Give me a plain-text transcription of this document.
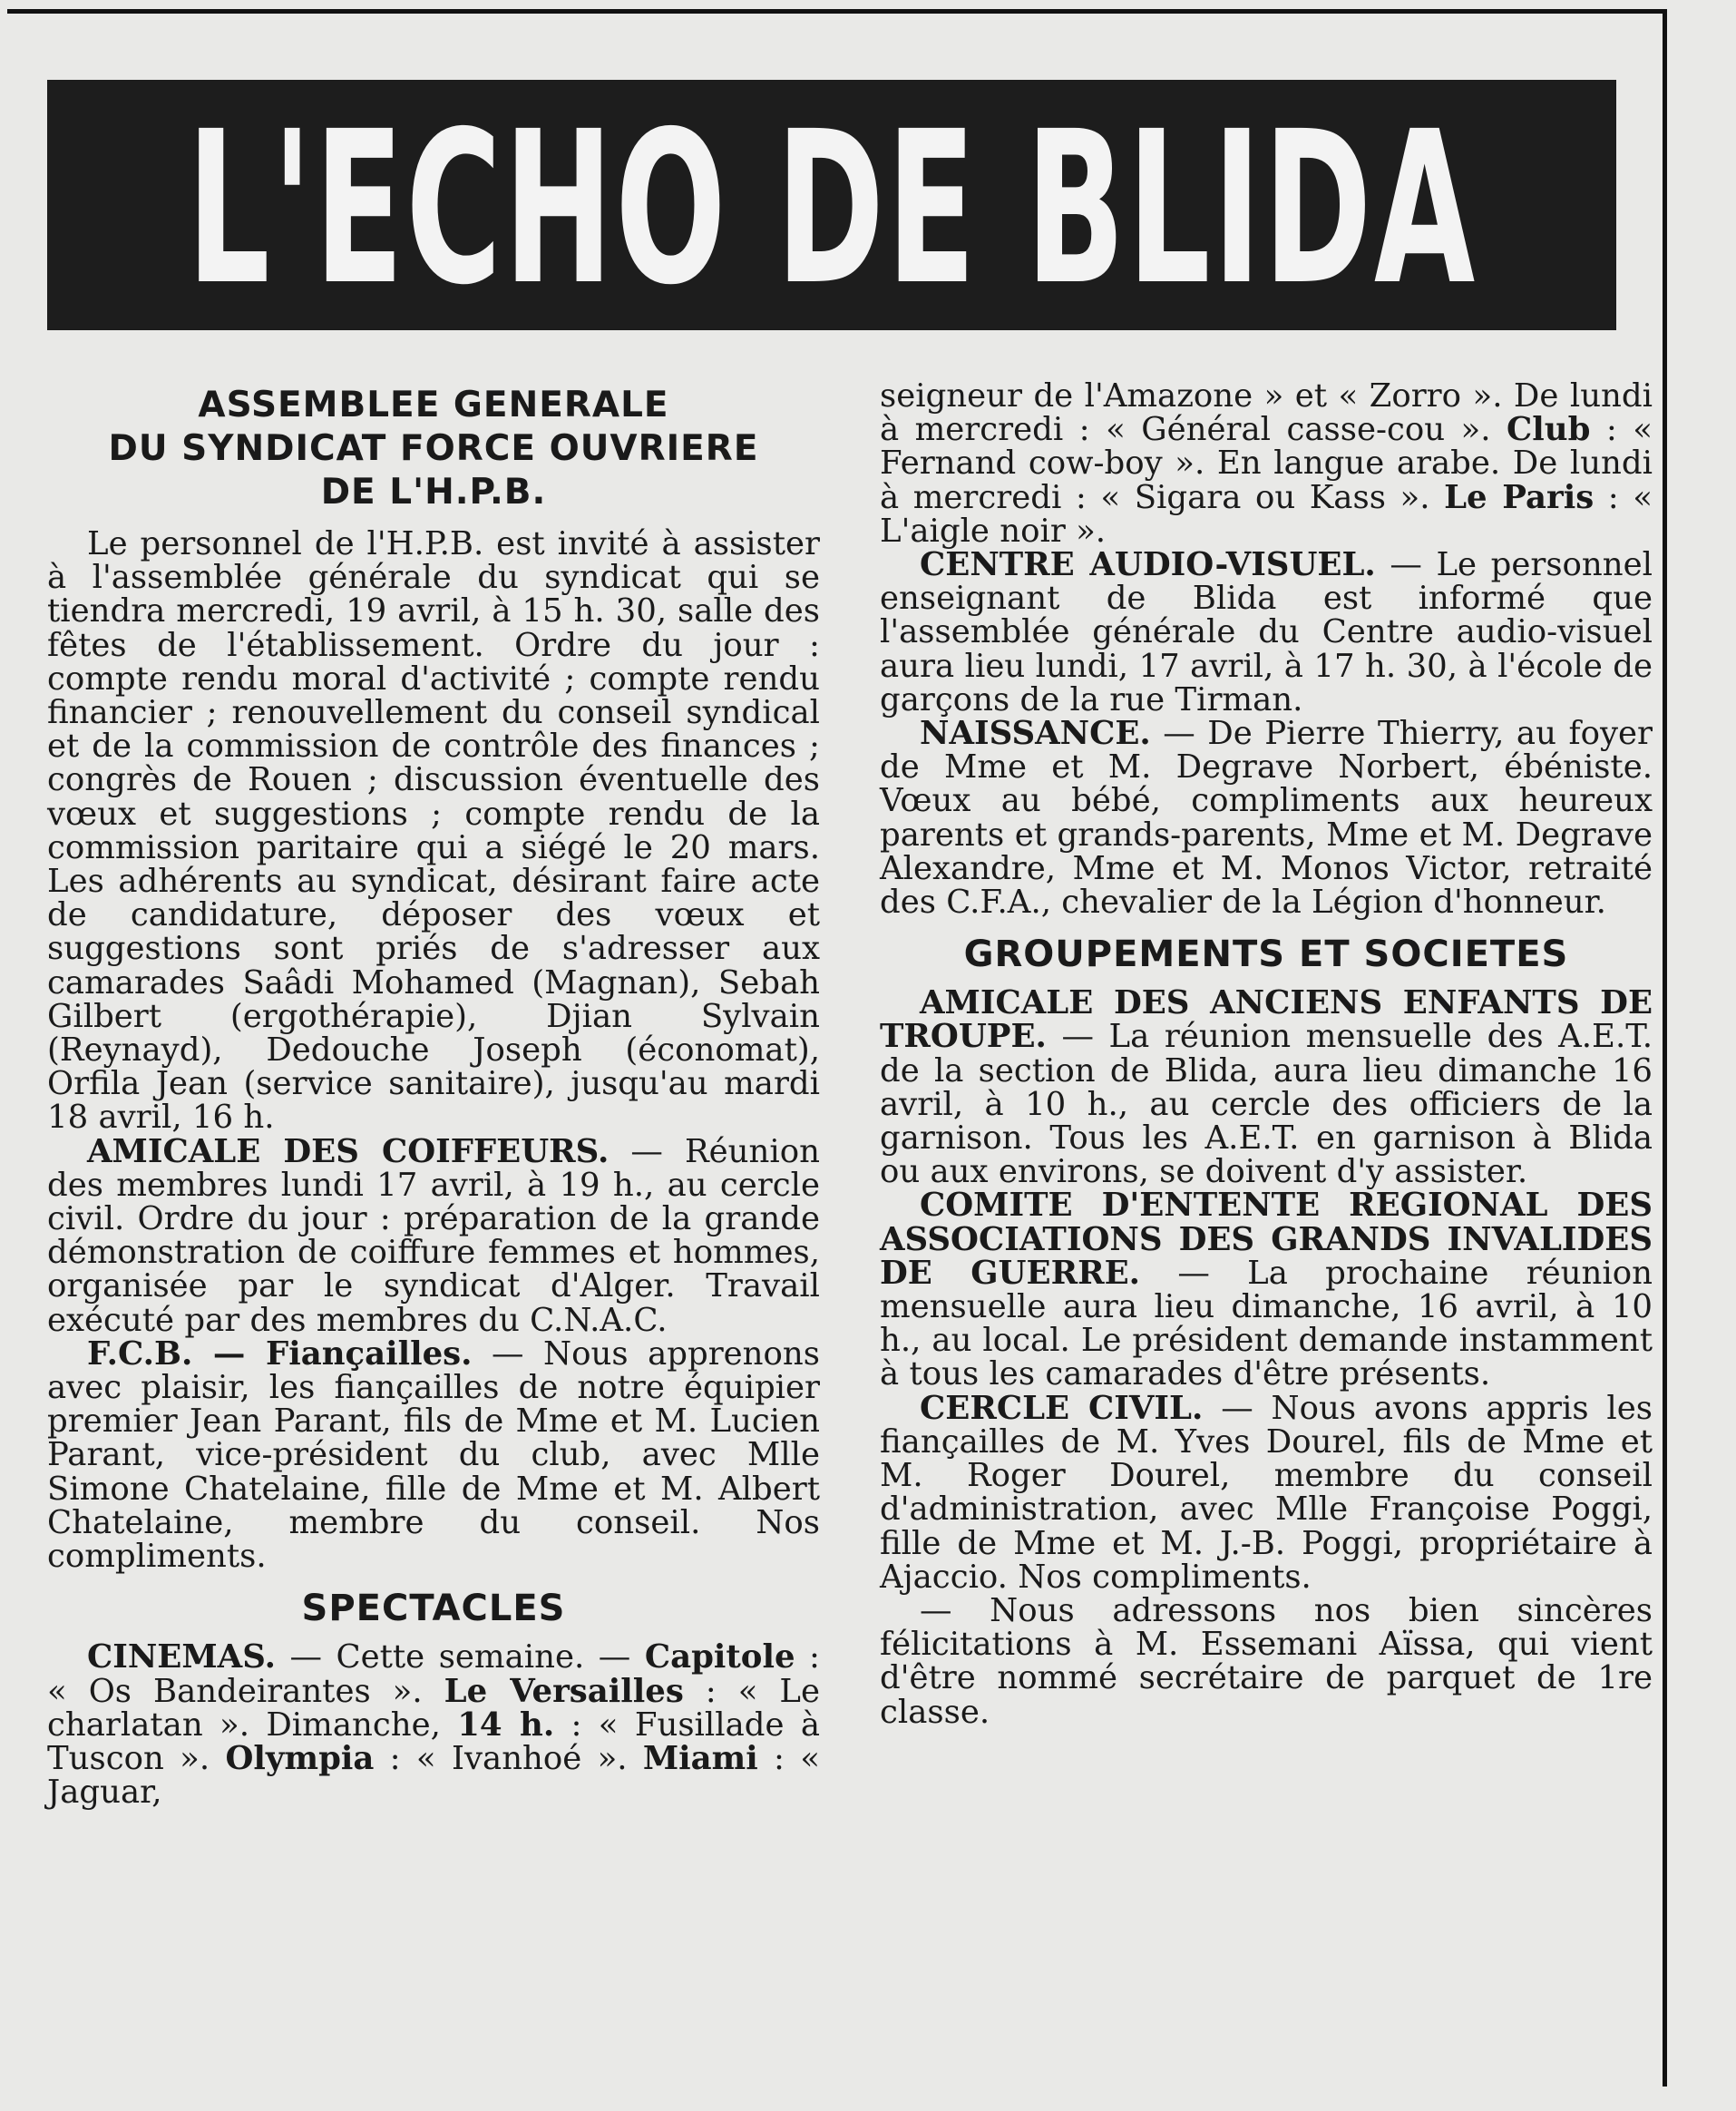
L'ECHO DE BLIDA
ASSEMBLEE GENERALE
DU SYNDICAT FORCE OUVRIERE
DE L'H.P.B.

Le personnel de l'H.P.B. est invité à assister à l'assemblée générale du syndicat qui se tiendra mercredi, 19 avril, à 15 h. 30, salle des fêtes de l'établissement. Ordre du jour : compte rendu moral d'activité ; compte rendu financier ; renouvellement du conseil syndical et de la commission de contrôle des finances ; congrès de Rouen ; discussion éventuelle des vœux et suggestions ; compte rendu de la commission paritaire qui a siégé le 20 mars. Les adhérents au syndicat, désirant faire acte de candidature, déposer des vœux et suggestions sont priés de s'adresser aux camarades Saâdi Mohamed (Magnan), Sebah Gilbert (ergothérapie), Djian Sylvain (Reynayd), Dedouche Joseph (économat), Orfila Jean (service sanitaire), jusqu'au mardi 18 avril, 16 h.

AMICALE DES COIFFEURS. — Réunion des membres lundi 17 avril, à 19 h., au cercle civil. Ordre du jour : préparation de la grande démonstration de coiffure femmes et hommes, organisée par le syndicat d'Alger. Travail exécuté par des membres du C.N.A.C.

F.C.B. — Fiançailles. — Nous apprenons avec plaisir, les fiançailles de notre équipier premier Jean Parant, fils de Mme et M. Lucien Parant, vice-président du club, avec Mlle Simone Chatelaine, fille de Mme et M. Albert Chatelaine, membre du conseil. Nos compliments.

SPECTACLES

CINEMAS. — Cette semaine. — Capitole : « Os Bandeirantes ». Le Versailles : « Le charlatan ». Dimanche, 14 h. : « Fusillade à Tuscon ». Olympia : « Ivanhoé ». Miami : « Jaguar,

seigneur de l'Amazone » et « Zorro ». De lundi à mercredi : « Général casse-cou ». Club : « Fernand cow-boy ». En langue arabe. De lundi à mercredi : « Sigara ou Kass ». Le Paris : « L'aigle noir ».

CENTRE AUDIO-VISUEL. — Le personnel enseignant de Blida est informé que l'assemblée générale du Centre audio-visuel aura lieu lundi, 17 avril, à 17 h. 30, à l'école de garçons de la rue Tirman.

NAISSANCE. — De Pierre Thierry, au foyer de Mme et M. Degrave Norbert, ébéniste. Vœux au bébé, compliments aux heureux parents et grands-parents, Mme et M. Degrave Alexandre, Mme et M. Monos Victor, retraité des C.F.A., chevalier de la Légion d'honneur.

GROUPEMENTS ET SOCIETES

AMICALE DES ANCIENS ENFANTS DE TROUPE. — La réunion mensuelle des A.E.T. de la section de Blida, aura lieu dimanche 16 avril, à 10 h., au cercle des officiers de la garnison. Tous les A.E.T. en garnison à Blida ou aux environs, se doivent d'y assister.

COMITE D'ENTENTE REGIONAL DES ASSOCIATIONS DES GRANDS INVALIDES DE GUERRE. — La prochaine réunion mensuelle aura lieu dimanche, 16 avril, à 10 h., au local. Le président demande instamment à tous les camarades d'être présents.

CERCLE CIVIL. — Nous avons appris les fiançailles de M. Yves Dourel, fils de Mme et M. Roger Dourel, membre du conseil d'administration, avec Mlle Françoise Poggi, fille de Mme et M. J.-B. Poggi, propriétaire à Ajaccio. Nos compliments.

— Nous adressons nos bien sincères félicitations à M. Essemani Aïssa, qui vient d'être nommé secrétaire de parquet de 1re classe.
